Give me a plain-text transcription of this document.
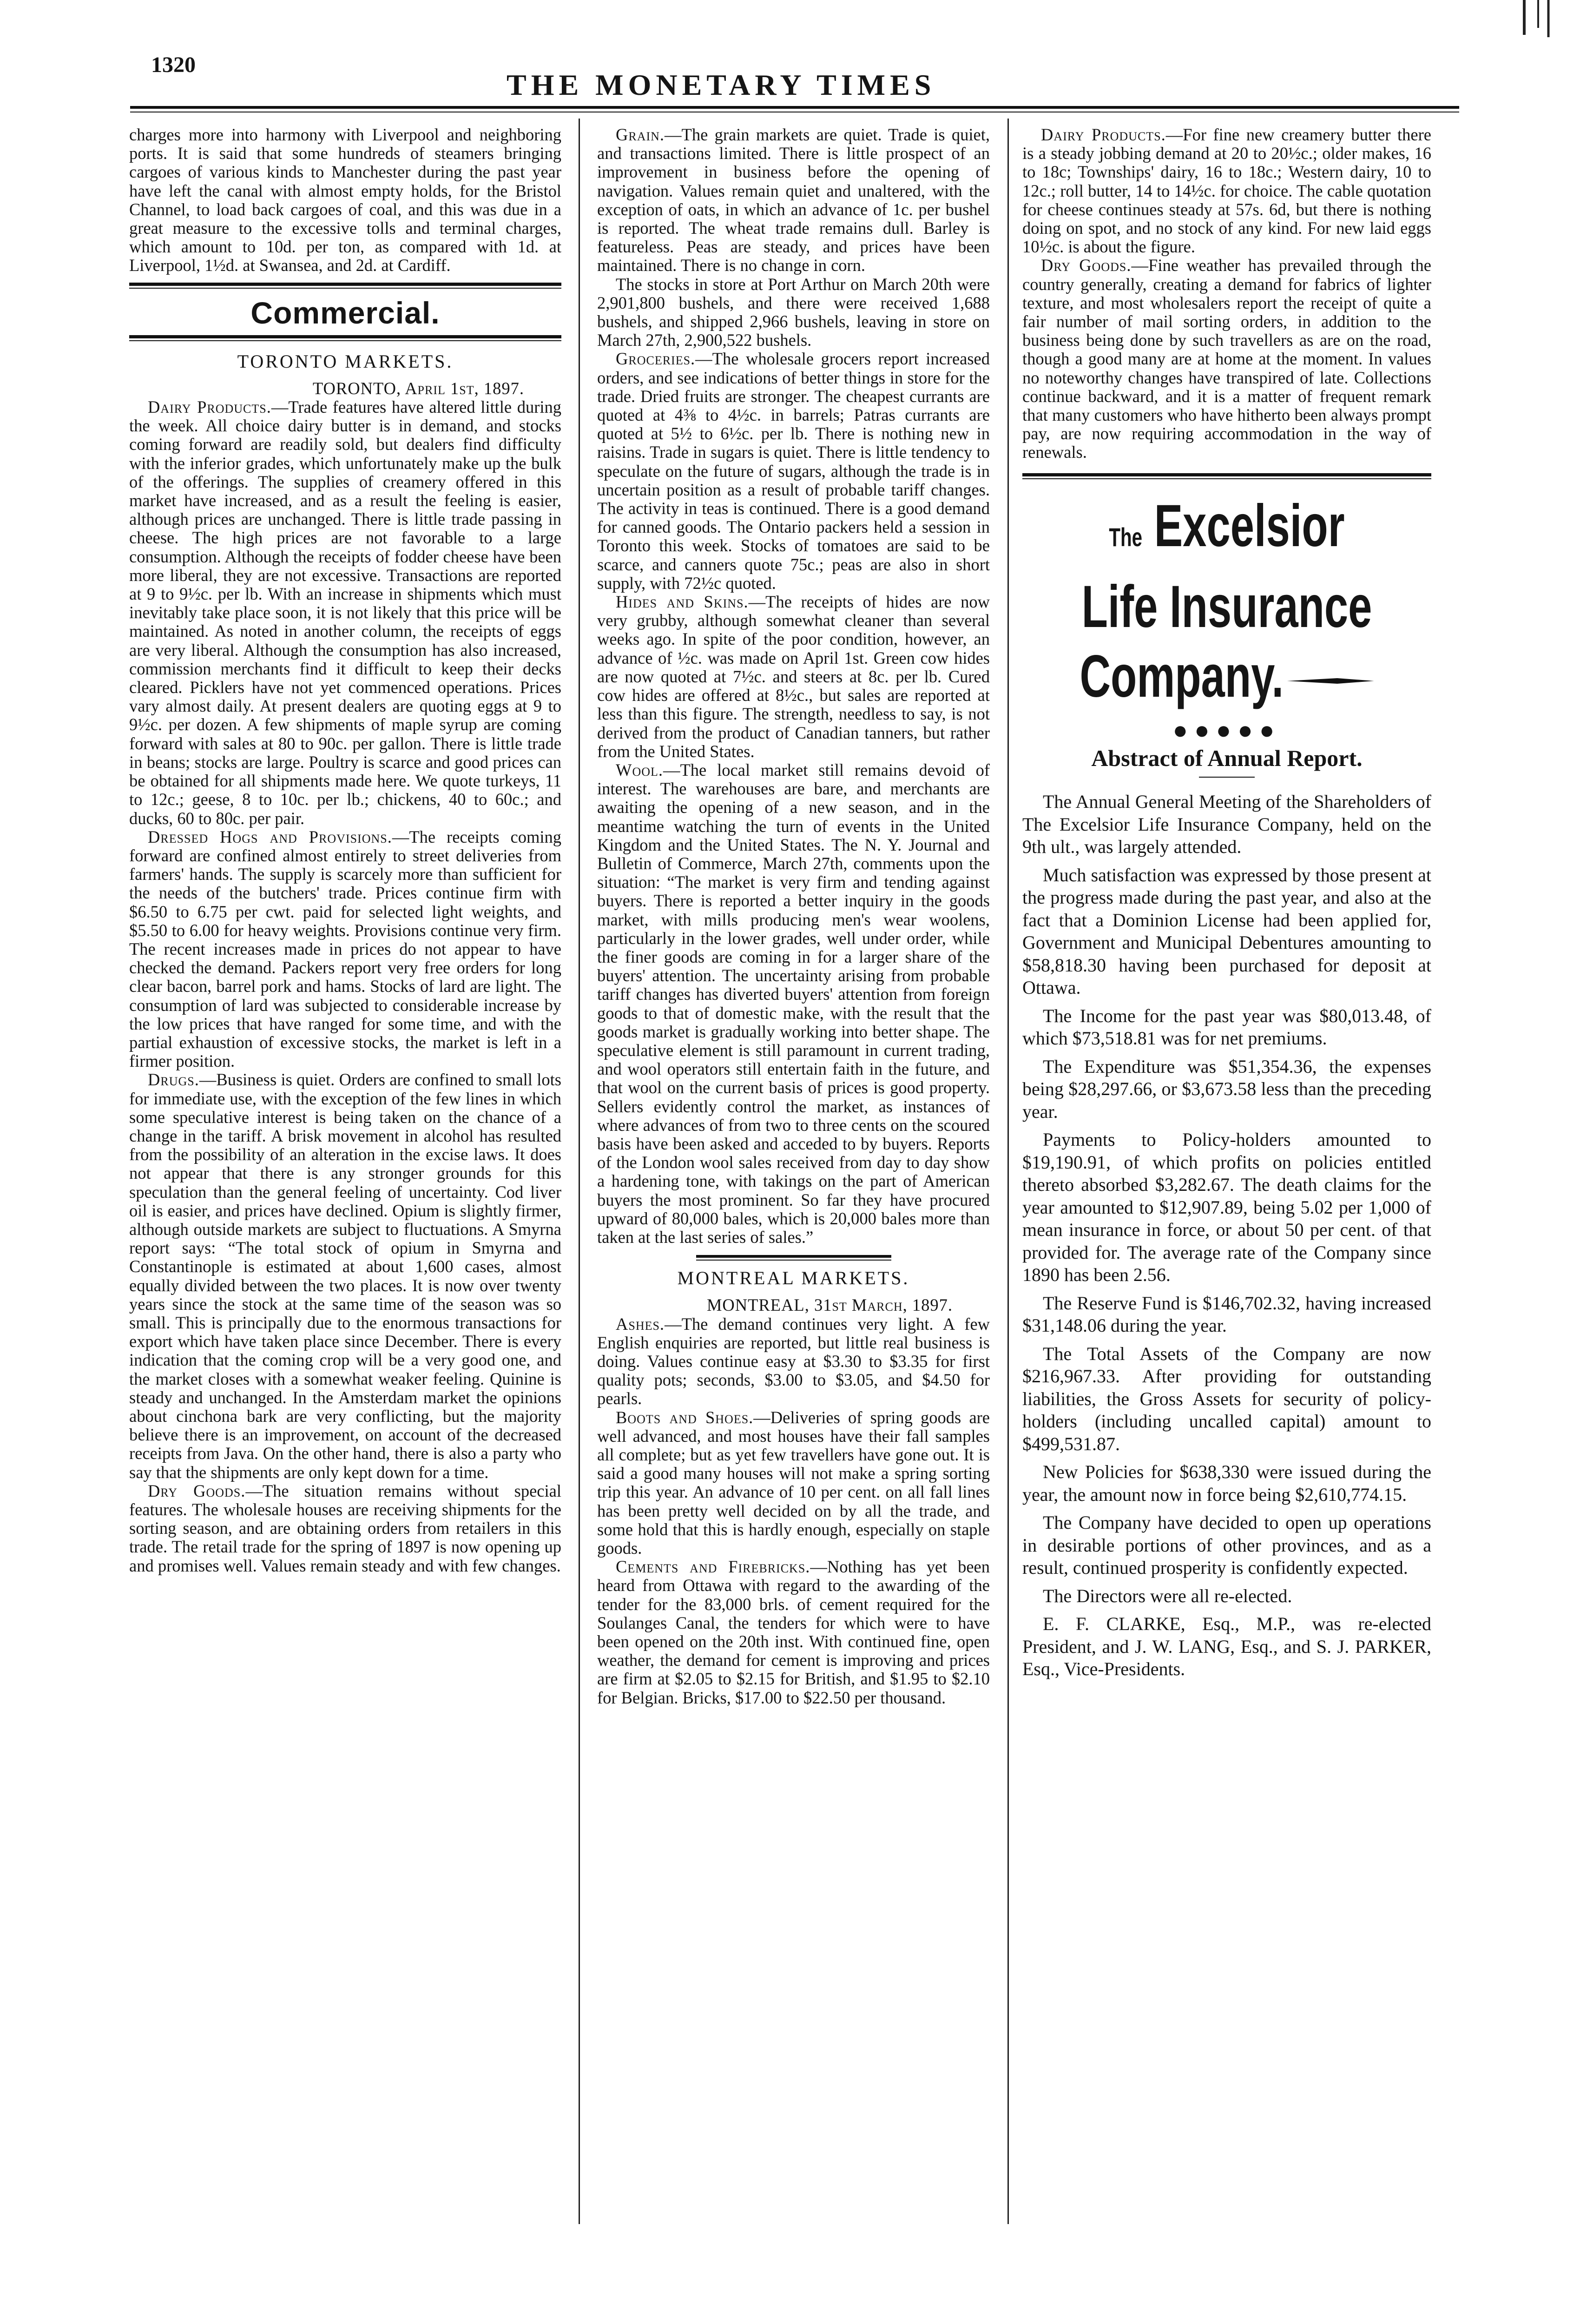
1320
THE MONETARY TIMES

charges more into harmony with Liverpool and neighboring ports. It is said that some hundreds of steamers bringing cargoes of various kinds to Manchester during the past year have left the canal with almost empty holds, for the Bristol Channel, to load back cargoes of coal, and this was due in a great measure to the excessive tolls and terminal charges, which amount to 10d. per ton, as compared with 1d. at Liverpool, 1½d. at Swansea, and 2d. at Cardiff.

Commercial.
TORONTO MARKETS.
TORONTO, April 1st, 1897.

Dairy Products.—Trade features have altered little during the week. All choice dairy butter is in demand, and stocks coming forward are readily sold, but dealers find difficulty with the inferior grades, which unfortunately make up the bulk of the offerings. The supplies of creamery offered in this market have increased, and as a result the feeling is easier, although prices are unchanged. There is little trade passing in cheese. The high prices are not favorable to a large consumption. Although the receipts of fodder cheese have been more liberal, they are not excessive. Transactions are reported at 9 to 9½c. per lb. With an increase in shipments which must inevitably take place soon, it is not likely that this price will be maintained. As noted in another column, the receipts of eggs are very liberal. Although the consumption has also increased, commission merchants find it difficult to keep their decks cleared. Picklers have not yet commenced operations. Prices vary almost daily. At present dealers are quoting eggs at 9 to 9½c. per dozen. A few shipments of maple syrup are coming forward with sales at 80 to 90c. per gallon. There is little trade in beans; stocks are large. Poultry is scarce and good prices can be obtained for all shipments made here. We quote turkeys, 11 to 12c.; geese, 8 to 10c. per lb.; chickens, 40 to 60c.; and ducks, 60 to 80c. per pair.

Dressed Hogs and Provisions.—The receipts coming forward are confined almost entirely to street deliveries from farmers' hands. The supply is scarcely more than sufficient for the needs of the butchers' trade. Prices continue firm with $6.50 to 6.75 per cwt. paid for selected light weights, and $5.50 to 6.00 for heavy weights. Provisions continue very firm. The recent increases made in prices do not appear to have checked the demand. Packers report very free orders for long clear bacon, barrel pork and hams. Stocks of lard are light. The consumption of lard was subjected to considerable increase by the low prices that have ranged for some time, and with the partial exhaustion of excessive stocks, the market is left in a firmer position.

Drugs.—Business is quiet. Orders are confined to small lots for immediate use, with the exception of the few lines in which some speculative interest is being taken on the chance of a change in the tariff. A brisk movement in alcohol has resulted from the possibility of an alteration in the excise laws. It does not appear that there is any stronger grounds for this speculation than the general feeling of uncertainty. Cod liver oil is easier, and prices have declined. Opium is slightly firmer, although outside markets are subject to fluctuations. A Smyrna report says: “The total stock of opium in Smyrna and Constantinople is estimated at about 1,600 cases, almost equally divided between the two places. It is now over twenty years since the stock at the same time of the season was so small. This is principally due to the enormous transactions for export which have taken place since December. There is every indication that the coming crop will be a very good one, and the market closes with a somewhat weaker feeling. Quinine is steady and unchanged. In the Amsterdam market the opinions about cinchona bark are very conflicting, but the majority believe there is an improvement, on account of the decreased receipts from Java. On the other hand, there is also a party who say that the shipments are only kept down for a time.

Dry Goods.—The situation remains without special features. The wholesale houses are receiving shipments for the sorting season, and are obtaining orders from retailers in this trade. The retail trade for the spring of 1897 is now opening up and promises well. Values remain steady and with few changes.

Grain.—The grain markets are quiet. Trade is quiet, and transactions limited. There is little prospect of an improvement in business before the opening of navigation. Values remain quiet and unaltered, with the exception of oats, in which an advance of 1c. per bushel is reported. The wheat trade remains dull. Barley is featureless. Peas are steady, and prices have been maintained. There is no change in corn.

The stocks in store at Port Arthur on March 20th were 2,901,800 bushels, and there were received 1,688 bushels, and shipped 2,966 bushels, leaving in store on March 27th, 2,900,522 bushels.

Groceries.—The wholesale grocers report increased orders, and see indications of better things in store for the trade. Dried fruits are stronger. The cheapest currants are quoted at 4⅜ to 4½c. in barrels; Patras currants are quoted at 5½ to 6½c. per lb. There is nothing new in raisins. Trade in sugars is quiet. There is little tendency to speculate on the future of sugars, although the trade is in uncertain position as a result of probable tariff changes. The activity in teas is continued. There is a good demand for canned goods. The Ontario packers held a session in Toronto this week. Stocks of tomatoes are said to be scarce, and canners quote 75c.; peas are also in short supply, with 72½c quoted.

Hides and Skins.—The receipts of hides are now very grubby, although somewhat cleaner than several weeks ago. In spite of the poor condition, however, an advance of ½c. was made on April 1st. Green cow hides are now quoted at 7½c. and steers at 8c. per lb. Cured cow hides are offered at 8½c., but sales are reported at less than this figure. The strength, needless to say, is not derived from the product of Canadian tanners, but rather from the United States.

Wool.—The local market still remains devoid of interest. The warehouses are bare, and merchants are awaiting the opening of a new season, and in the meantime watching the turn of events in the United Kingdom and the United States. The N. Y. Journal and Bulletin of Commerce, March 27th, comments upon the situation: “The market is very firm and tending against buyers. There is reported a better inquiry in the goods market, with mills producing men's wear woolens, particularly in the lower grades, well under order, while the finer goods are coming in for a larger share of the buyers' attention. The uncertainty arising from probable tariff changes has diverted buyers' attention from foreign goods to that of domestic make, with the result that the goods market is gradually working into better shape. The speculative element is still paramount in current trading, and wool operators still entertain faith in the future, and that wool on the current basis of prices is good property. Sellers evidently control the market, as instances of where advances of from two to three cents on the scoured basis have been asked and acceded to by buyers. Reports of the London wool sales received from day to day show a hardening tone, with takings on the part of American buyers the most prominent. So far they have procured upward of 80,000 bales, which is 20,000 bales more than taken at the last series of sales.”

MONTREAL MARKETS.
MONTREAL, 31st March, 1897.

Ashes.—The demand continues very light. A few English enquiries are reported, but little real business is doing. Values continue easy at $3.30 to $3.35 for first quality pots; seconds, $3.00 to $3.05, and $4.50 for pearls.

Boots and Shoes.—Deliveries of spring goods are well advanced, and most houses have their fall samples all complete; but as yet few travellers have gone out. It is said a good many houses will not make a spring sorting trip this year. An advance of 10 per cent. on all fall lines has been pretty well decided on by all the trade, and some hold that this is hardly enough, especially on staple goods.

Cements and Firebricks.—Nothing has yet been heard from Ottawa with regard to the awarding of the tender for the 83,000 brls. of cement required for the Soulanges Canal, the tenders for which were to have been opened on the 20th inst. With continued fine, open weather, the demand for cement is improving and prices are firm at $2.05 to $2.15 for British, and $1.95 to $2.10 for Belgian. Bricks, $17.00 to $22.50 per thousand.

Dairy Products.—For fine new creamery butter there is a steady jobbing demand at 20 to 20½c.; older makes, 16 to 18c; Townships' dairy, 16 to 18c.; Western dairy, 10 to 12c.; roll butter, 14 to 14½c. for choice. The cable quotation for cheese continues steady at 57s. 6d, but there is nothing doing on spot, and no stock of any kind. For new laid eggs 10½c. is about the figure.

Dry Goods.—Fine weather has prevailed through the country generally, creating a demand for fabrics of lighter texture, and most wholesalers report the receipt of quite a fair number of mail sorting orders, in addition to the business being done by such travellers as are on the road, though a good many are at home at the moment. In values no noteworthy changes have transpired of late. Collections continue backward, and it is a matter of frequent remark that many customers who have hitherto been always prompt pay, are now requiring accommodation in the way of renewals.

The Excelsior
Life Insurance
Company.
●●●●●
Abstract of Annual Report.

The Annual General Meeting of the Shareholders of The Excelsior Life Insurance Company, held on the 9th ult., was largely attended.

Much satisfaction was expressed by those present at the progress made during the past year, and also at the fact that a Dominion License had been applied for, Government and Municipal Debentures amounting to $58,818.30 having been purchased for deposit at Ottawa.

The Income for the past year was $80,013.48, of which $73,518.81 was for net premiums.

The Expenditure was $51,354.36, the expenses being $28,297.66, or $3,673.58 less than the preceding year.

Payments to Policy-holders amounted to $19,190.91, of which profits on policies entitled thereto absorbed $3,282.67. The death claims for the year amounted to $12,907.89, being 5.02 per 1,000 of mean insurance in force, or about 50 per cent. of that provided for. The average rate of the Company since 1890 has been 2.56.

The Reserve Fund is $146,702.32, having increased $31,148.06 during the year.

The Total Assets of the Company are now $216,967.33. After providing for outstanding liabilities, the Gross Assets for security of policy-holders (including uncalled capital) amount to $499,531.87.

New Policies for $638,330 were issued during the year, the amount now in force being $2,610,774.15.

The Company have decided to open up operations in desirable portions of other provinces, and as a result, continued prosperity is confidently expected.

The Directors were all re-elected.

E. F. CLARKE, Esq., M.P., was re-elected President, and J. W. LANG, Esq., and S. J. PARKER, Esq., Vice-Presidents.
